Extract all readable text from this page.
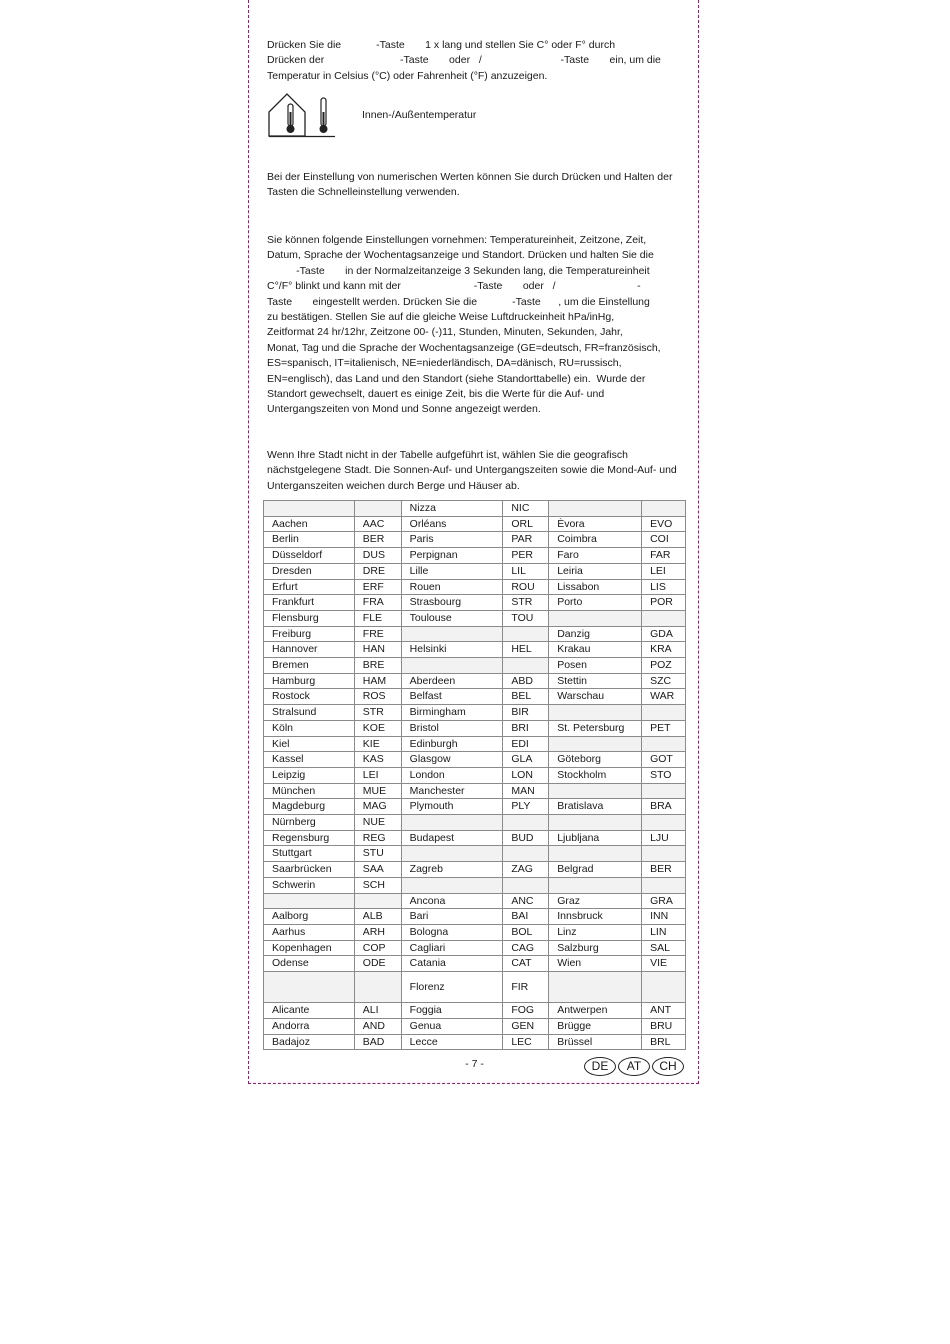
Drücken Sie die            -Taste       1 x lang und stellen Sie C° oder F° durch

Drücken der                          -Taste       oder   /                           -Taste       ein, um die

Temperatur in Celsius (°C) oder Fahrenheit (°F) anzuzeigen.

Innen-/Außentemperatur

Bei der Einstellung von numerischen Werten können Sie durch Drücken und Halten der Tasten die Schnelleinstellung verwenden.

Sie können folgende Einstellungen vornehmen: Temperatureinheit, Zeitzone, Zeit,

Datum, Sprache der Wochentagsanzeige und Standort. Drücken und halten Sie die

-Taste       in der Normalzeitanzeige 3 Sekunden lang, die Temperatureinheit

C°/F° blinkt und kann mit der                         -Taste       oder   /                            -

Taste       eingestellt werden. Drücken Sie die            -Taste      , um die Einstellung

zu bestätigen. Stellen Sie auf die gleiche Weise Luftdruckeinheit hPa/inHg,

Zeitformat 24 hr/12hr, Zeitzone 00- (-)11, Stunden, Minuten, Sekunden, Jahr,

Monat, Tag und die Sprache der Wochentagsanzeige (GE=deutsch, FR=französisch,

ES=spanisch, IT=italienisch, NE=niederländisch, DA=dänisch, RU=russisch,

EN=englisch), das Land und den Standort (siehe Standorttabelle) ein.  Wurde der

Standort gewechselt, dauert es einige Zeit, bis die Werte für die Auf- und

Untergangszeiten von Mond und Sonne angezeigt werden.

Wenn Ihre Stadt nicht in der Tabelle aufgeführt ist, wählen Sie die geografisch nächstgelegene Stadt. Die Sonnen-Auf- und Untergangszeiten sowie die Mond-Auf- und Unterganszeiten weichen durch Berge und Häuser ab.

		Nizza	NIC		
Aachen	AAC	Orléans	ORL	Èvora	EVO
Berlin	BER	Paris	PAR	Coimbra	COI
Düsseldorf	DUS	Perpignan	PER	Faro	FAR
Dresden	DRE	Lille	LIL	Leiria	LEI
Erfurt	ERF	Rouen	ROU	Lissabon	LIS
Frankfurt	FRA	Strasbourg	STR	Porto	POR
Flensburg	FLE	Toulouse	TOU		
Freiburg	FRE			Danzig	GDA
Hannover	HAN	Helsinki	HEL	Krakau	KRA
Bremen	BRE			Posen	POZ
Hamburg	HAM	Aberdeen	ABD	Stettin	SZC
Rostock	ROS	Belfast	BEL	Warschau	WAR
Stralsund	STR	Birmingham	BIR		
Köln	KOE	Bristol	BRI	St. Petersburg	PET
Kiel	KIE	Edinburgh	EDI		
Kassel	KAS	Glasgow	GLA	Göteborg	GOT
Leipzig	LEI	London	LON	Stockholm	STO
München	MUE	Manchester	MAN		
Magdeburg	MAG	Plymouth	PLY	Bratislava	BRA
Nürnberg	NUE				
Regensburg	REG	Budapest	BUD	Ljubljana	LJU
Stuttgart	STU				
Saarbrücken	SAA	Zagreb	ZAG	Belgrad	BER
Schwerin	SCH				
		Ancona	ANC	Graz	GRA
Aalborg	ALB	Bari	BAI	Innsbruck	INN
Aarhus	ARH	Bologna	BOL	Linz	LIN
Kopenhagen	COP	Cagliari	CAG	Salzburg	SAL
Odense	ODE	Catania	CAT	Wien	VIE
		Florenz	FIR		
Alicante	ALI	Foggia	FOG	Antwerpen	ANT
Andorra	AND	Genua	GEN	Brügge	BRU
Badajoz	BAD	Lecce	LEC	Brüssel	BRL
- 7 -	DE AT CH
